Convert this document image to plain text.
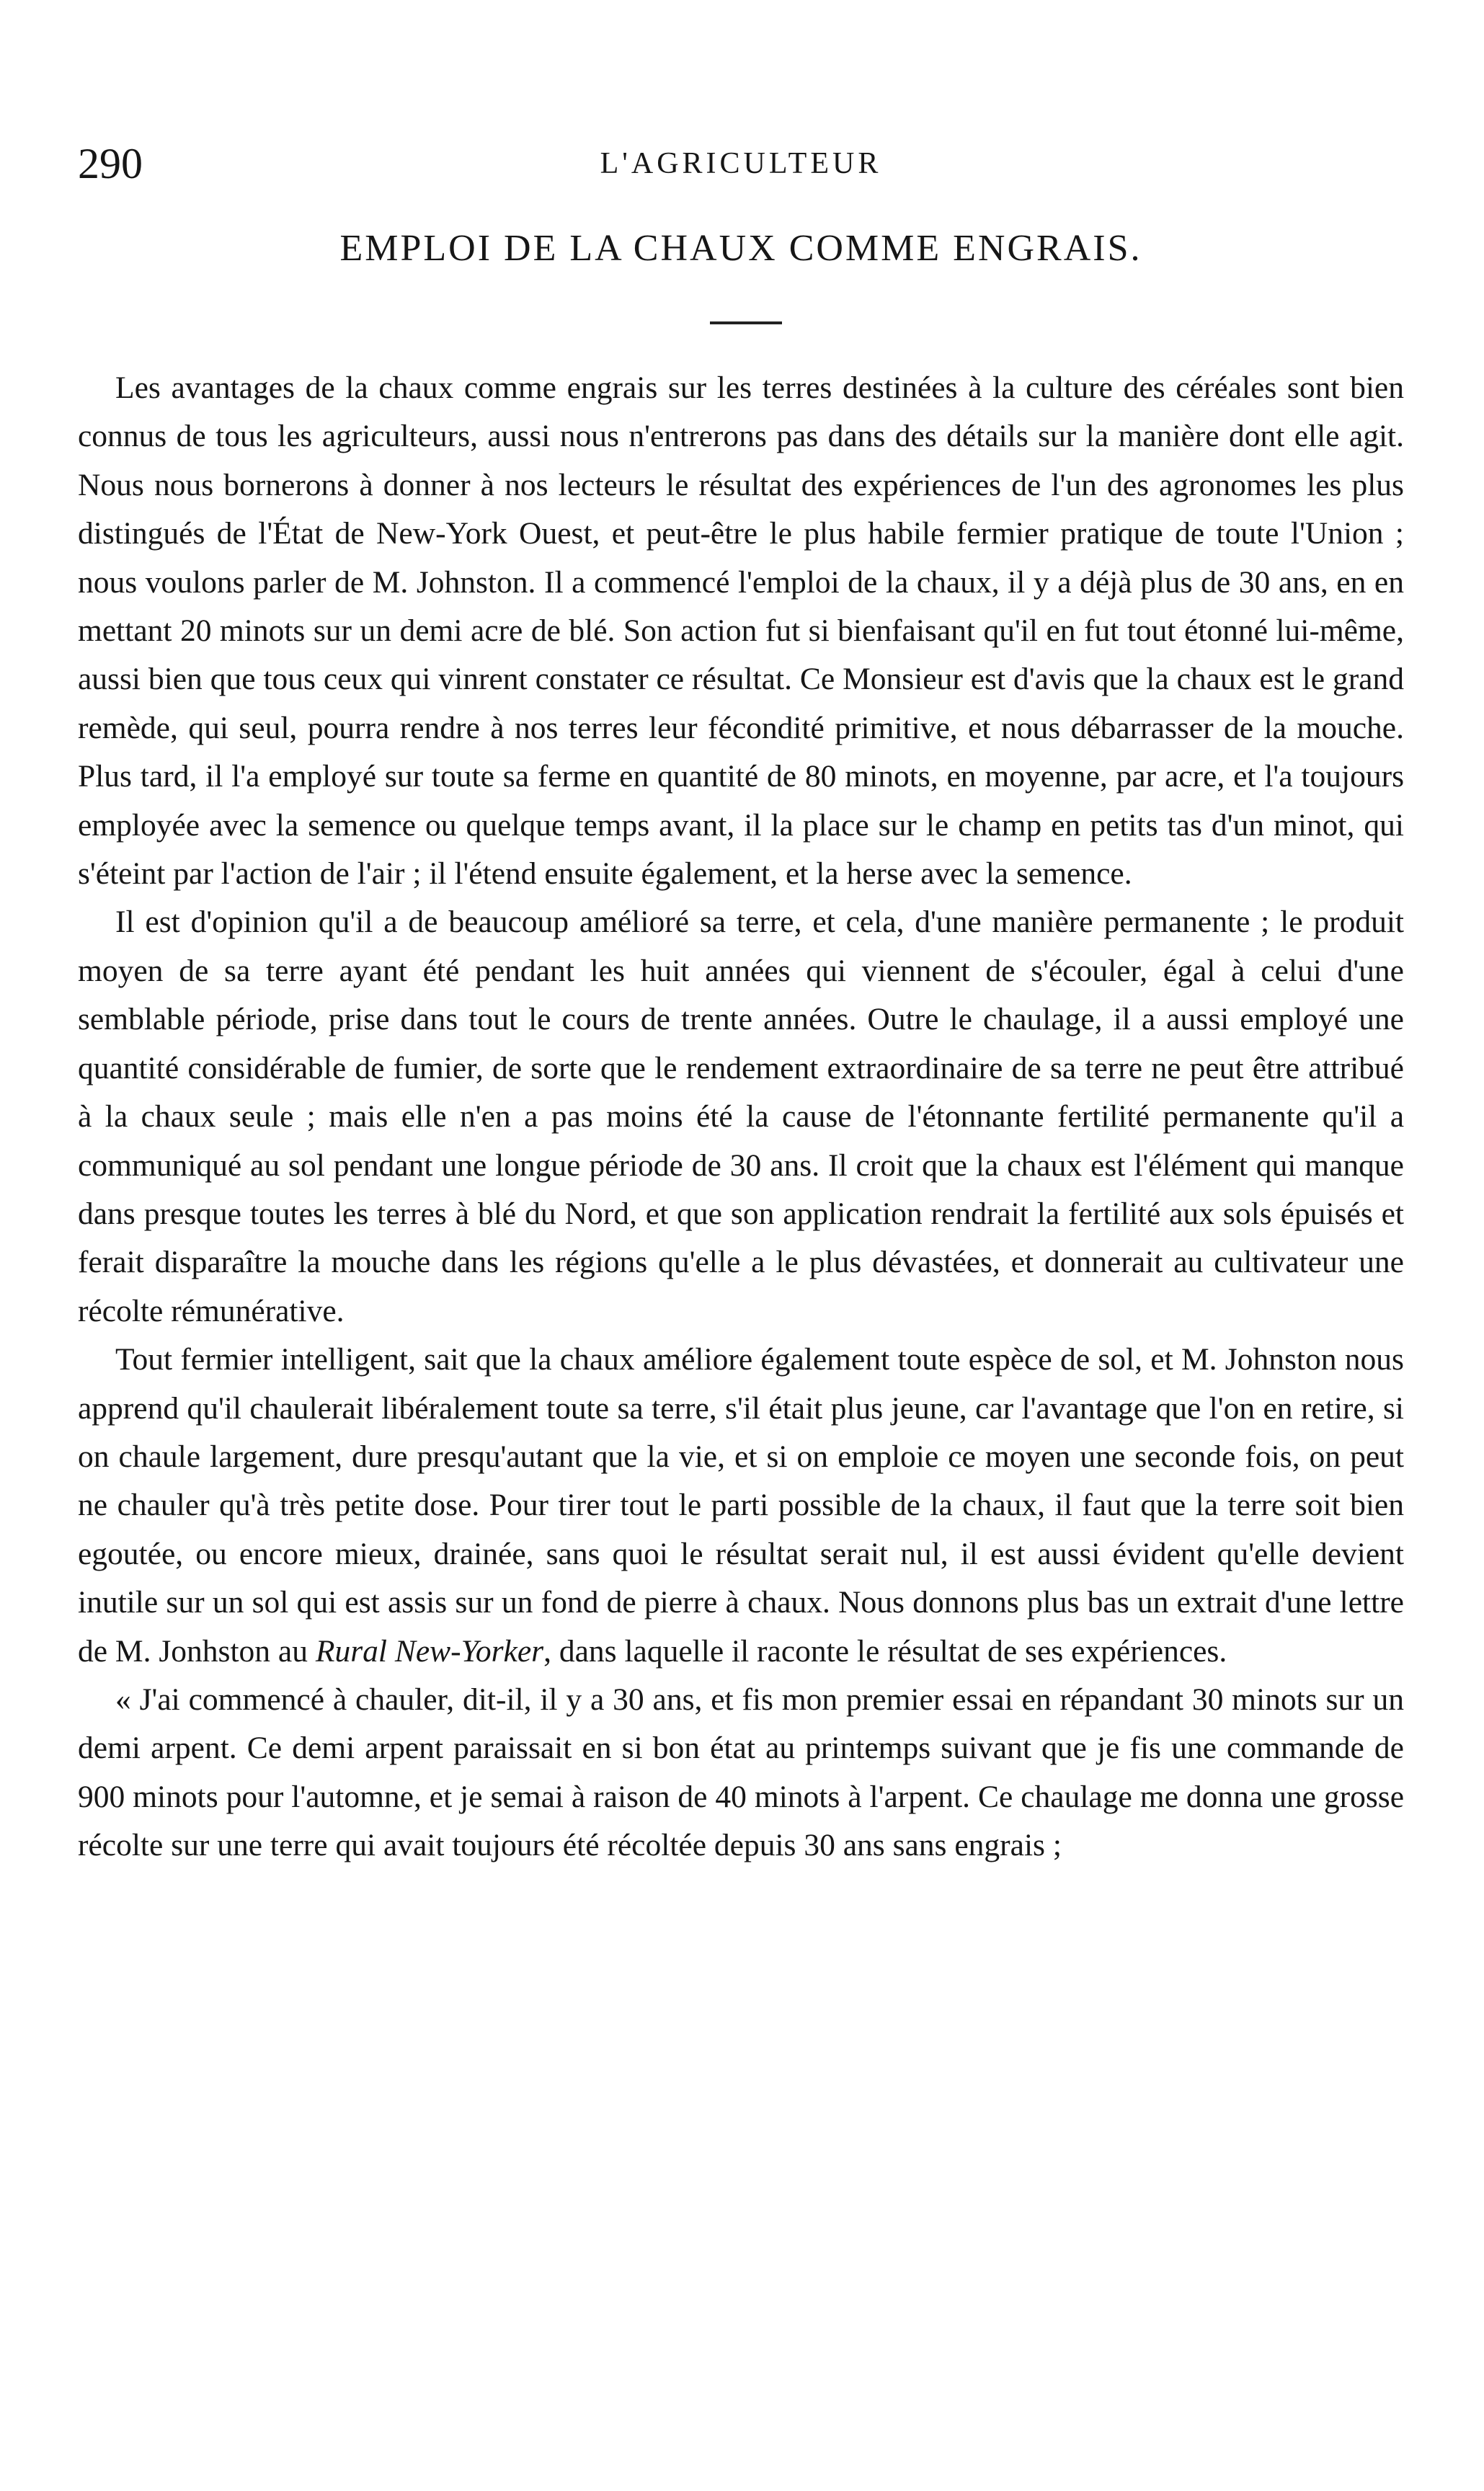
290	L'AGRICULTEUR
EMPLOI DE LA CHAUX COMME ENGRAIS.

Les avantages de la chaux comme engrais sur les terres destinées à la culture des céréales sont bien connus de tous les agriculteurs, aussi nous n'entrerons pas dans des détails sur la manière dont elle agit. Nous nous bornerons à donner à nos lecteurs le résultat des expériences de l'un des agronomes les plus distingués de l'État de New-York Ouest, et peut-être le plus habile fermier pratique de toute l'Union ; nous voulons parler de M. Johnston. Il a commencé l'emploi de la chaux, il y a déjà plus de 30 ans, en en mettant 20 minots sur un demi acre de blé. Son action fut si bienfaisant qu'il en fut tout étonné lui-même, aussi bien que tous ceux qui vinrent constater ce résultat. Ce Monsieur est d'avis que la chaux est le grand remède, qui seul, pourra rendre à nos terres leur fécondité primitive, et nous débarrasser de la mouche. Plus tard, il l'a employé sur toute sa ferme en quantité de 80 minots, en moyenne, par acre, et l'a toujours employée avec la semence ou quelque temps avant, il la place sur le champ en petits tas d'un minot, qui s'éteint par l'action de l'air ; il l'étend ensuite également, et la herse avec la semence.

Il est d'opinion qu'il a de beaucoup amélioré sa terre, et cela, d'une manière permanente ; le produit moyen de sa terre ayant été pendant les huit années qui viennent de s'écouler, égal à celui d'une semblable période, prise dans tout le cours de trente années. Outre le chaulage, il a aussi employé une quantité considérable de fumier, de sorte que le rendement extraordinaire de sa terre ne peut être attribué à la chaux seule ; mais elle n'en a pas moins été la cause de l'étonnante fertilité permanente qu'il a communiqué au sol pendant une longue période de 30 ans. Il croit que la chaux est l'élément qui manque dans presque toutes les terres à blé du Nord, et que son application rendrait la fertilité aux sols épuisés et ferait disparaître la mouche dans les régions qu'elle a le plus dévastées, et donnerait au cultivateur une récolte rémunérative.

Tout fermier intelligent, sait que la chaux améliore également toute espèce de sol, et M. Johnston nous apprend qu'il chaulerait libéralement toute sa terre, s'il était plus jeune, car l'avantage que l'on en retire, si on chaule largement, dure presqu'autant que la vie, et si on emploie ce moyen une seconde fois, on peut ne chauler qu'à très petite dose. Pour tirer tout le parti possible de la chaux, il faut que la terre soit bien egoutée, ou encore mieux, drainée, sans quoi le résultat serait nul, il est aussi évident qu'elle devient inutile sur un sol qui est assis sur un fond de pierre à chaux. Nous donnons plus bas un extrait d'une lettre de M. Jonhston au Rural New-Yorker, dans laquelle il raconte le résultat de ses expériences.

« J'ai commencé à chauler, dit-il, il y a 30 ans, et fis mon premier essai en répandant 30 minots sur un demi arpent. Ce demi arpent paraissait en si bon état au printemps suivant que je fis une commande de 900 minots pour l'automne, et je semai à raison de 40 minots à l'arpent. Ce chaulage me donna une grosse récolte sur une terre qui avait toujours été récoltée depuis 30 ans sans engrais ;
